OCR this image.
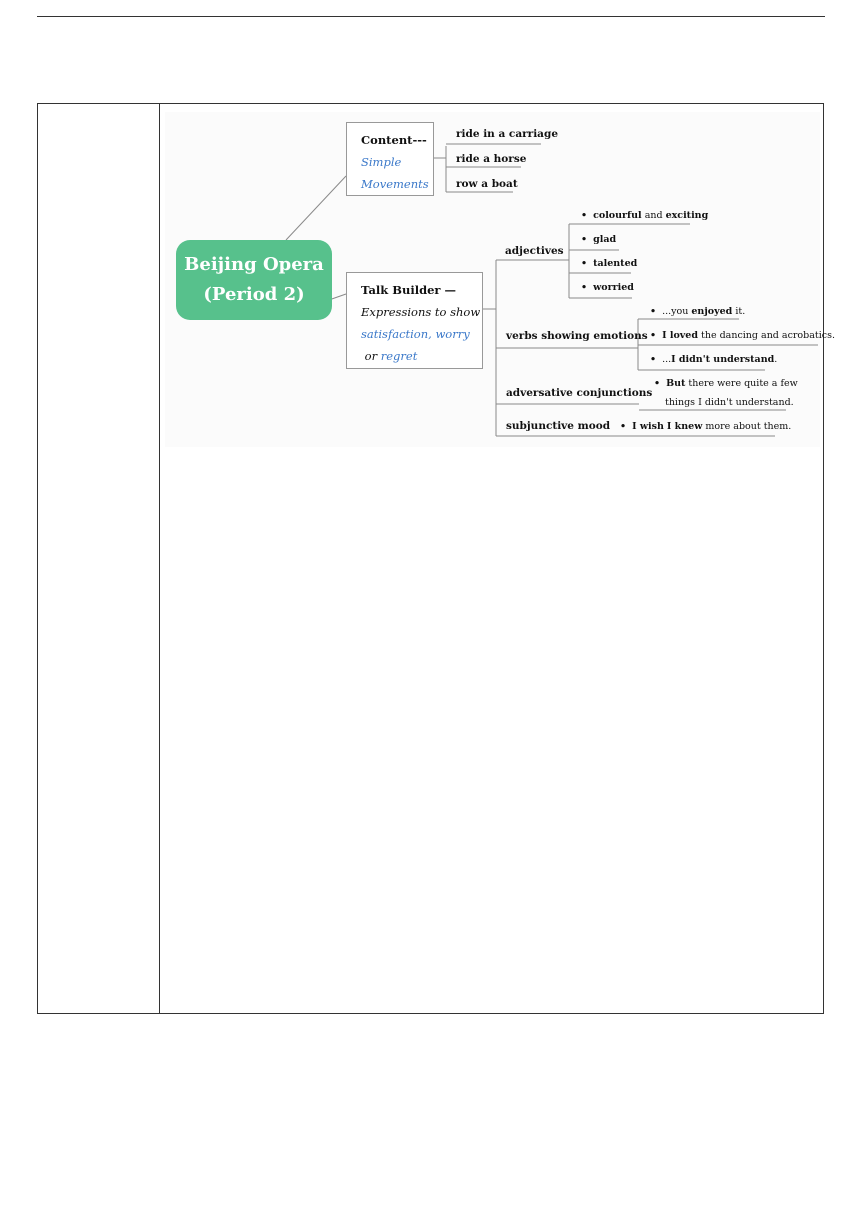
Beijing Opera
(Period 2)
Content---
Simple
Movements
ride in a carriage
ride a horse
row a boat
Talk Builder —
Expressions to show
satisfaction, worry
or regret
adjectives
verbs showing emotions
adversative conjunctions
subjunctive mood
• colourful and exciting
• glad
• talented
• worried
• ...you enjoyed it.
• I loved the dancing and acrobatics.
• ...I didn't understand.
• But there were quite a few
things I didn't understand.
• I wish I knew more about them.
